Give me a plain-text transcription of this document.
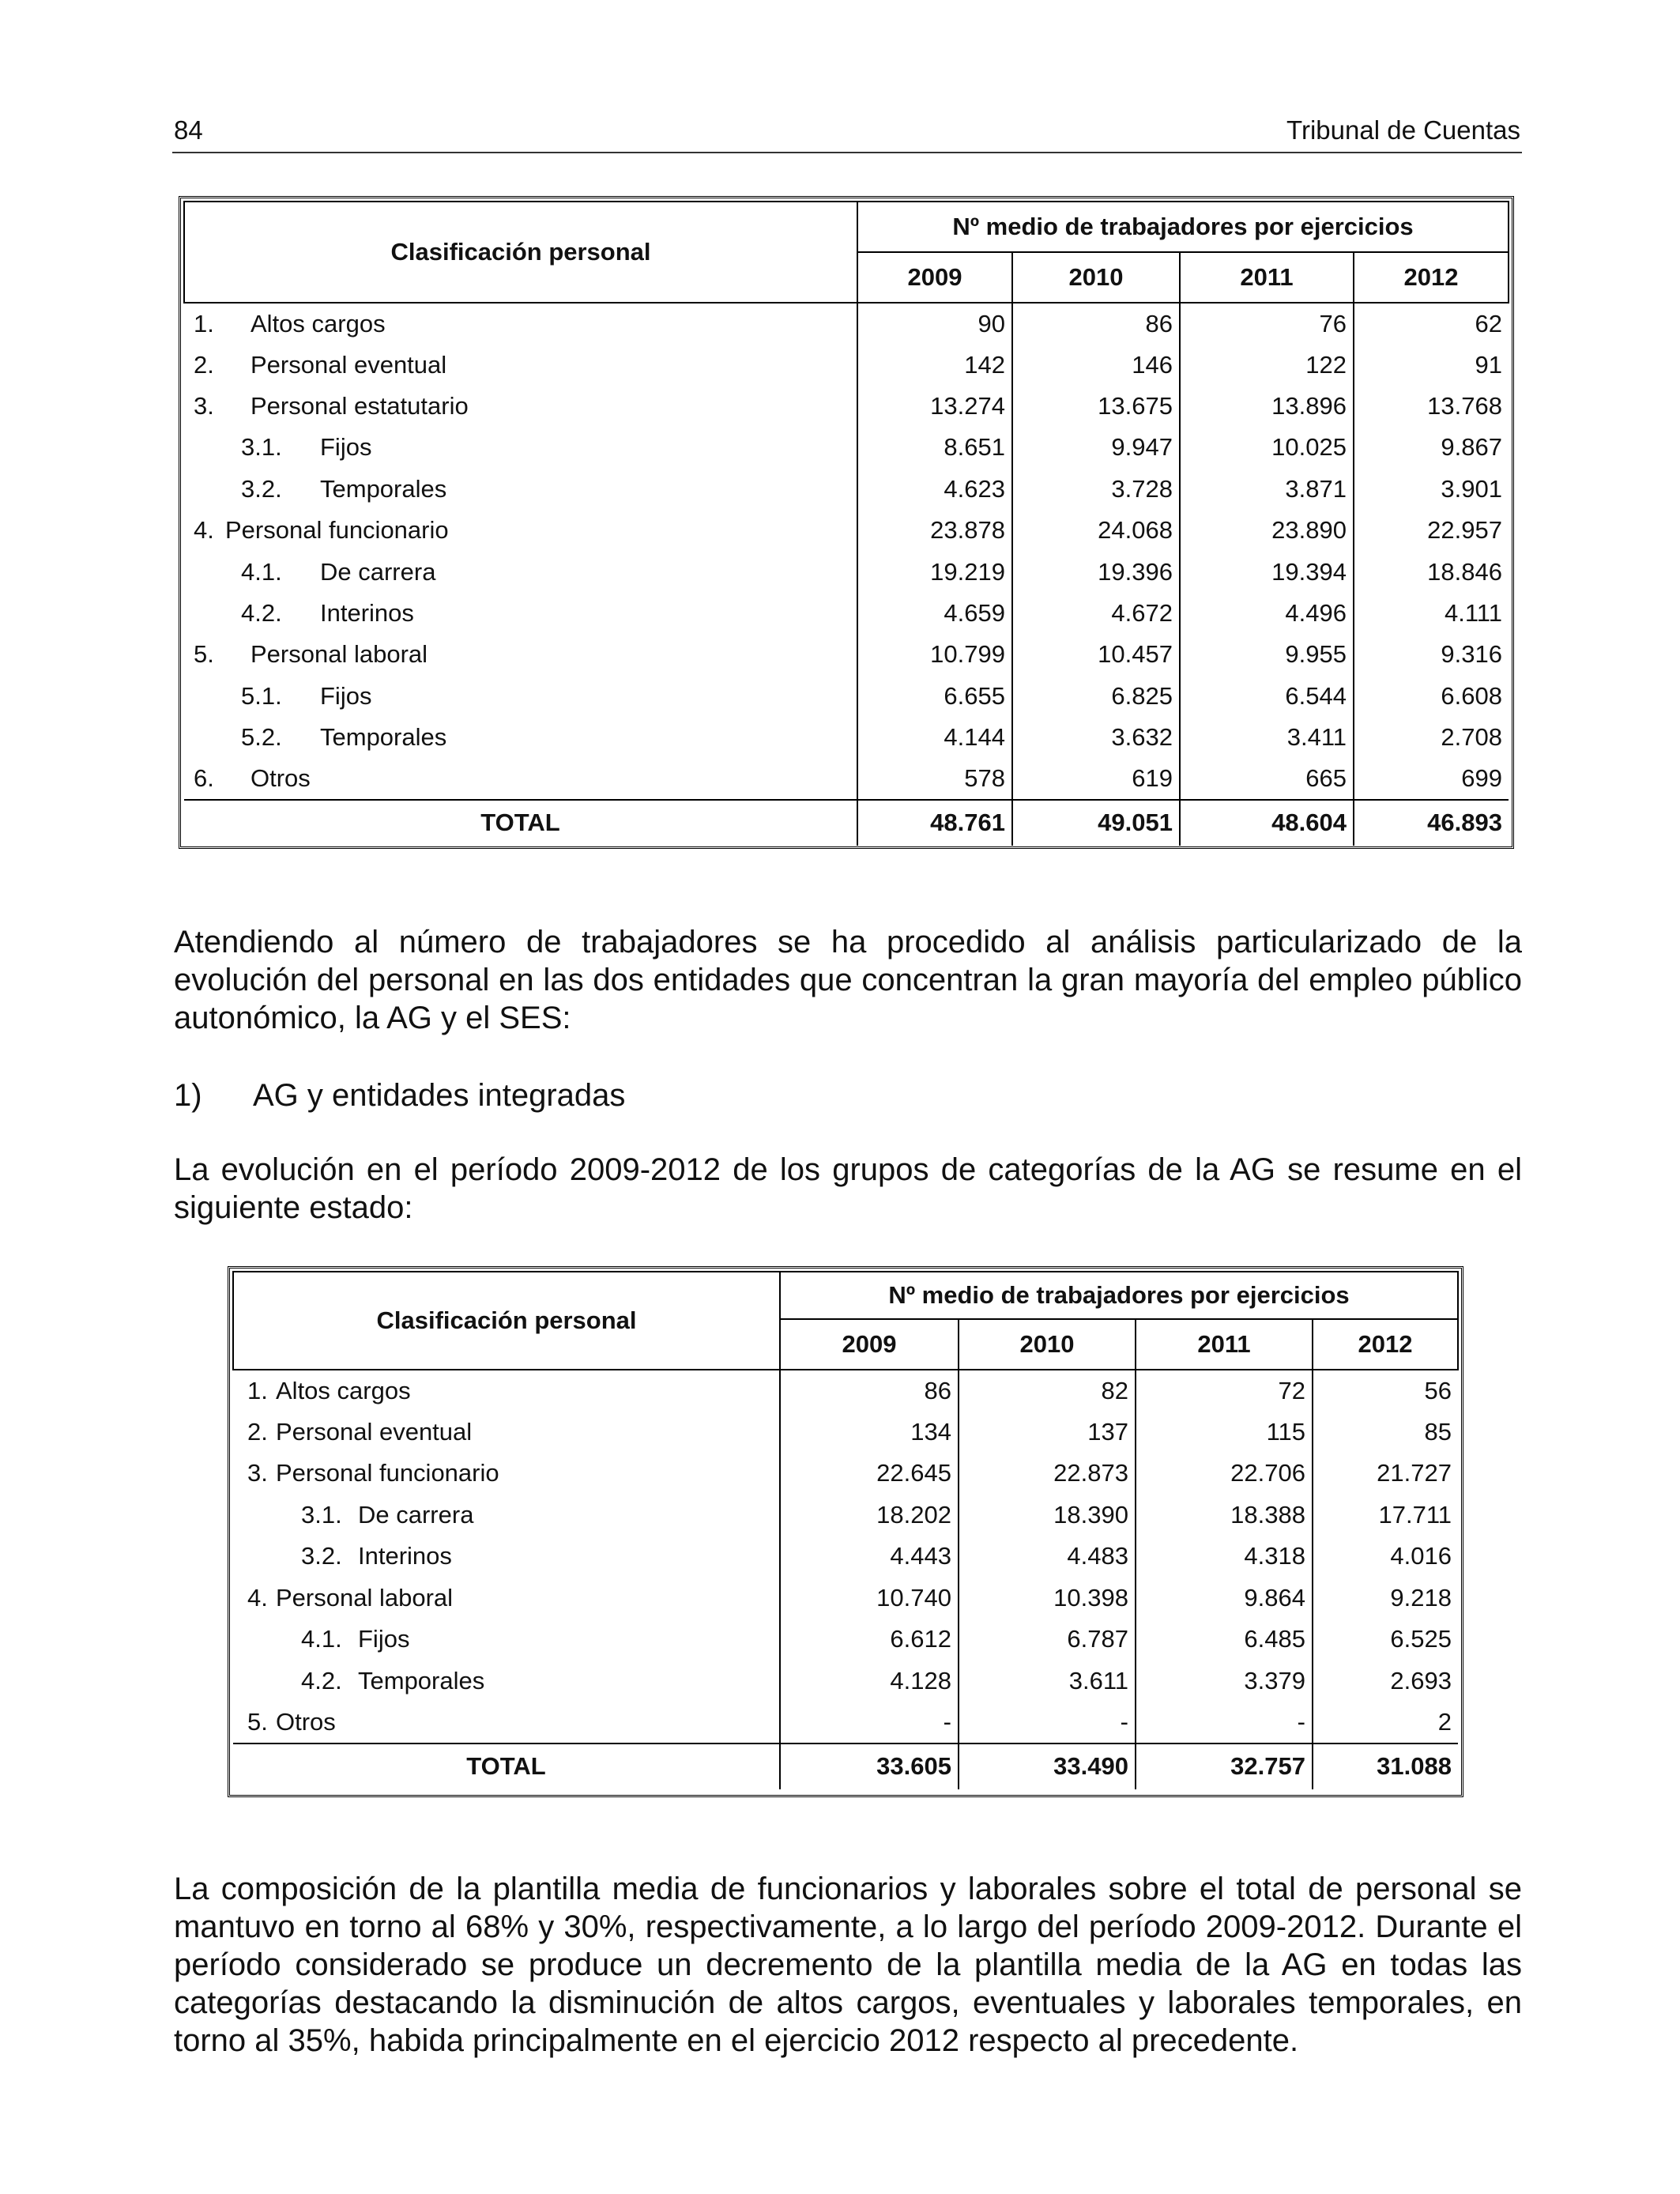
84	Tribunal de Cuentas
Clasificación personal	Nº medio de trabajadores por ejercicios			
	2009	2010	2011	2012
1. Altos cargos	90	86	76	62
2. Personal eventual	142	146	122	91
3. Personal estatutario	13.274	13.675	13.896	13.768
3.1. Fijos	8.651	9.947	10.025	9.867
3.2. Temporales	4.623	3.728	3.871	3.901
4. Personal funcionario	23.878	24.068	23.890	22.957
4.1. De carrera	19.219	19.396	19.394	18.846
4.2. Interinos	4.659	4.672	4.496	4.111
5. Personal laboral	10.799	10.457	9.955	9.316
5.1. Fijos	6.655	6.825	6.544	6.608
5.2. Temporales	4.144	3.632	3.411	2.708
6. Otros	578	619	665	699
TOTAL	48.761	49.051	48.604	46.893

Atendiendo al número de trabajadores se ha procedido al análisis particularizado de la evolución del personal en las dos entidades que concentran la gran mayoría del empleo público autonómico, la AG y el SES:

1) AG y entidades integradas

La evolución en el período 2009-2012 de los grupos de categorías de la AG se resume en el siguiente estado:

Clasificación personal	Nº medio de trabajadores por ejercicios			
	2009	2010	2011	2012
1. Altos cargos	86	82	72	56
2. Personal eventual	134	137	115	85
3. Personal funcionario	22.645	22.873	22.706	21.727
3.1. De carrera	18.202	18.390	18.388	17.711
3.2. Interinos	4.443	4.483	4.318	4.016
4. Personal laboral	10.740	10.398	9.864	9.218
4.1. Fijos	6.612	6.787	6.485	6.525
4.2. Temporales	4.128	3.611	3.379	2.693
5. Otros	-	-	-	2
TOTAL	33.605	33.490	32.757	31.088

La composición de la plantilla media de funcionarios y laborales sobre el total de personal se mantuvo en torno al 68% y 30%, respectivamente, a lo largo del período 2009-2012. Durante el período considerado se produce un decremento de la plantilla media de la AG en todas las categorías destacando la disminución de altos cargos, eventuales y laborales temporales, en torno al 35%, habida principalmente en el ejercicio 2012 respecto al precedente.
